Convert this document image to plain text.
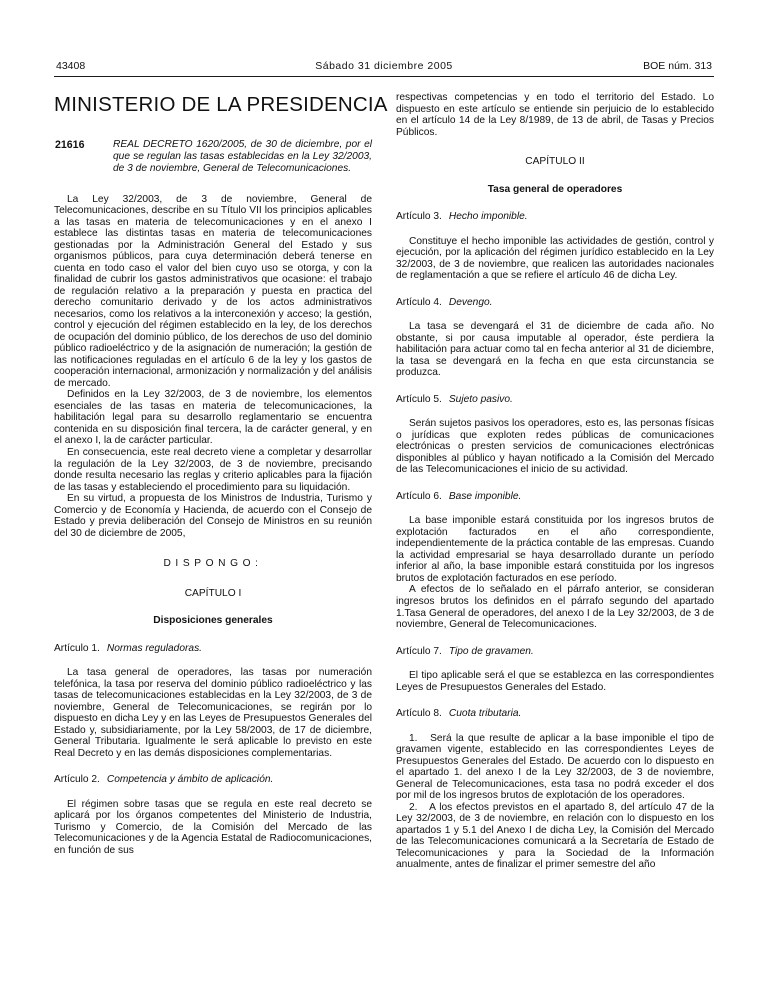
43408	Sábado 31 diciembre 2005	BOE núm. 313
MINISTERIO DE LA PRESIDENCIA
21616	REAL DECRETO 1620/2005, de 30 de diciembre, por el que se regulan las tasas establecidas en la Ley 32/2003, de 3 de noviembre, General de Telecomunicaciones.

La Ley 32/2003, de 3 de noviembre, General de Telecomunicaciones, describe en su Título VII los principios aplicables a las tasas en materia de telecomunicaciones y en el anexo I establece las distintas tasas en materia de telecomunicaciones gestionadas por la Administración General del Estado y sus organismos públicos, para cuya determinación deberá tenerse en cuenta en todo caso el valor del bien cuyo uso se otorga, y con la finalidad de cubrir los gastos administrativos que ocasione: el trabajo de regulación relativo a la preparación y puesta en practica del derecho comunitario derivado y de los actos administrativos necesarios, como los relativos a la interconexión y acceso; la gestión, control y ejecución del régimen establecido en la ley, de los derechos de ocupación del dominio público, de los derechos de uso del dominio público radioeléctrico y de la asignación de numeración; la gestión de las notificaciones reguladas en el artículo 6 de la ley y los gastos de cooperación internacional, armonización y normalización y del análisis de mercado.

Definidos en la Ley 32/2003, de 3 de noviembre, los elementos esenciales de las tasas en materia de telecomunicaciones, la habilitación legal para su desarrollo reglamentario se encuentra contenida en su disposición final tercera, la de carácter general, y en el anexo I, la de carácter particular.

En consecuencia, este real decreto viene a completar y desarrollar la regulación de la Ley 32/2003, de 3 de noviembre, precisando donde resulta necesario las reglas y criterio aplicables para la fijación de las tasas y estableciendo el procedimiento para su liquidación.

En su virtud, a propuesta de los Ministros de Industria, Turismo y Comercio y de Economía y Hacienda, de acuerdo con el Consejo de Estado y previa deliberación del Consejo de Ministros en su reunión del 30 de diciembre de 2005,

DISPONGO:

CAPÍTULO I

Disposiciones generales

Artículo 1. Normas reguladoras.

La tasa general de operadores, las tasas por numeración telefónica, la tasa por reserva del dominio público radioeléctrico y las tasas de telecomunicaciones establecidas en la Ley 32/2003, de 3 de noviembre, General de Telecomunicaciones, se regirán por lo dispuesto en dicha Ley y en las Leyes de Presupuestos Generales del Estado y, subsidiariamente, por la Ley 58/2003, de 17 de diciembre, General Tributaria. Igualmente le será aplicable lo previsto en este Real Decreto y en las demás disposiciones complementarias.

Artículo 2. Competencia y ámbito de aplicación.

El régimen sobre tasas que se regula en este real decreto se aplicará por los órganos competentes del Ministerio de Industria, Turismo y Comercio, de la Comisión del Mercado de las Telecomunicaciones y de la Agencia Estatal de Radiocomunicaciones, en función de sus

respectivas competencias y en todo el territorio del Estado. Lo dispuesto en este artículo se entiende sin perjuicio de lo establecido en el artículo 14 de la Ley 8/1989, de 13 de abril, de Tasas y Precios Públicos.

CAPÍTULO II

Tasa general de operadores

Artículo 3. Hecho imponible.

Constituye el hecho imponible las actividades de gestión, control y ejecución, por la aplicación del régimen jurídico establecido en la Ley 32/2003, de 3 de noviembre, que realicen las autoridades nacionales de reglamentación a que se refiere el artículo 46 de dicha Ley.

Artículo 4. Devengo.

La tasa se devengará el 31 de diciembre de cada año. No obstante, si por causa imputable al operador, éste perdiera la habilitación para actuar como tal en fecha anterior al 31 de diciembre, la tasa se devengará en la fecha en que esta circunstancia se produzca.

Artículo 5. Sujeto pasivo.

Serán sujetos pasivos los operadores, esto es, las personas físicas o jurídicas que exploten redes públicas de comunicaciones electrónicas o presten servicios de comunicaciones electrónicas disponibles al público y hayan notificado a la Comisión del Mercado de las Telecomunicaciones el inicio de su actividad.

Artículo 6. Base imponible.

La base imponible estará constituida por los ingresos brutos de explotación facturados en el año correspondiente, independientemente de la práctica contable de las empresas. Cuando la actividad empresarial se haya desarrollado durante un período inferior al año, la base imponible estará constituida por los ingresos brutos de explotación facturados en ese período.

A efectos de lo señalado en el párrafo anterior, se consideran ingresos brutos los definidos en el párrafo segundo del apartado 1.Tasa General de operadores, del anexo I de la Ley 32/2003, de 3 de noviembre, General de Telecomunicaciones.

Artículo 7. Tipo de gravamen.

El tipo aplicable será el que se establezca en las correspondientes Leyes de Presupuestos Generales del Estado.

Artículo 8. Cuota tributaria.

1.   Será la que resulte de aplicar a la base imponible el tipo de gravamen vigente, establecido en las correspondientes Leyes de Presupuestos Generales del Estado. De acuerdo con lo dispuesto en el apartado 1. del anexo I de la Ley 32/2003, de 3 de noviembre, General de Telecomunicaciones, esta tasa no podrá exceder el dos por mil de los ingresos brutos de explotación de los operadores.

2.   A los efectos previstos en el apartado 8, del artículo 47 de la Ley 32/2003, de 3 de noviembre, en relación con lo dispuesto en los apartados 1 y 5.1 del Anexo I de dicha Ley, la Comisión del Mercado de las Telecomunicaciones comunicará a la Secretaría de Estado de Telecomunicaciones y para la Sociedad de la Información anualmente, antes de finalizar el primer semestre del año
